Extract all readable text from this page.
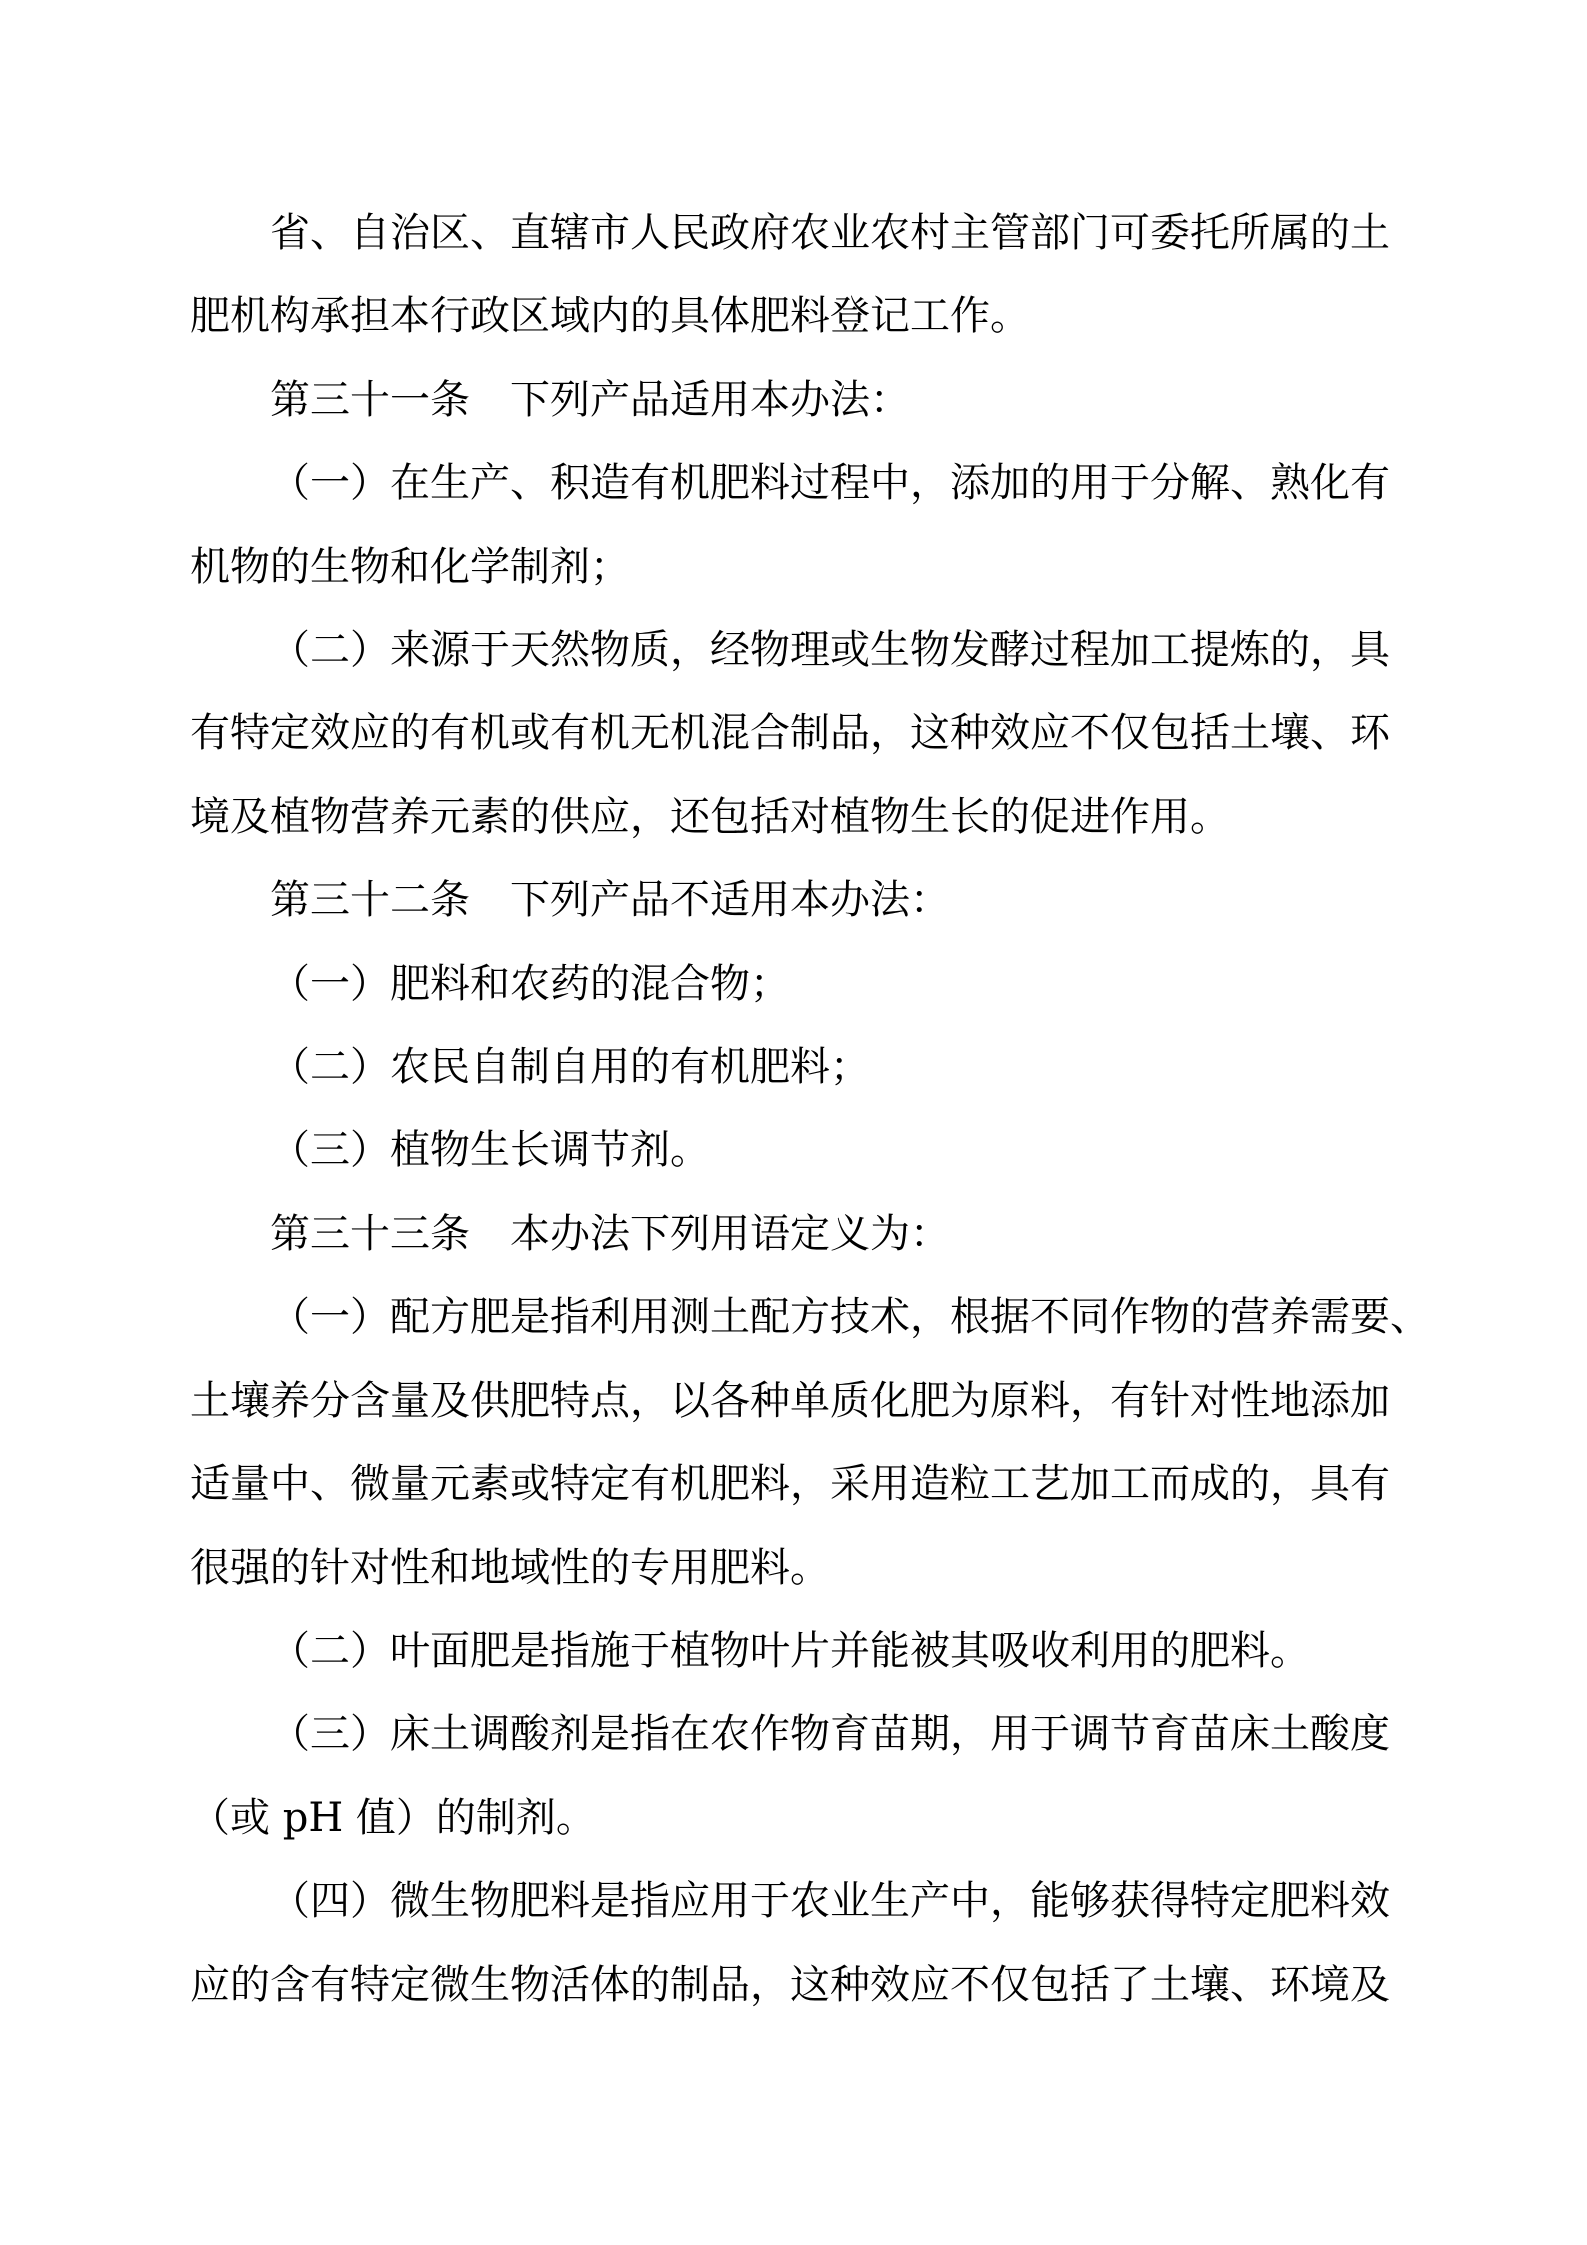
省、自治区、直辖市人民政府农业农村主管部门可委托所属的土
肥机构承担本行政区域内的具体肥料登记工作。
第三十一条　下列产品适用本办法：
（一）在生产、积造有机肥料过程中，添加的用于分解、熟化有
机物的生物和化学制剂；
（二）来源于天然物质，经物理或生物发酵过程加工提炼的，具
有特定效应的有机或有机无机混合制品，这种效应不仅包括土壤、环
境及植物营养元素的供应，还包括对植物生长的促进作用。
第三十二条　下列产品不适用本办法：
（一）肥料和农药的混合物；
（二）农民自制自用的有机肥料；
（三）植物生长调节剂。
第三十三条　本办法下列用语定义为：
（一）配方肥是指利用测土配方技术，根据不同作物的营养需要、
土壤养分含量及供肥特点，以各种单质化肥为原料，有针对性地添加
适量中、微量元素或特定有机肥料，采用造粒工艺加工而成的，具有
很强的针对性和地域性的专用肥料。
（二）叶面肥是指施于植物叶片并能被其吸收利用的肥料。
（三）床土调酸剂是指在农作物育苗期，用于调节育苗床土酸度
（或 pH 值）的制剂。
（四）微生物肥料是指应用于农业生产中，能够获得特定肥料效
应的含有特定微生物活体的制品，这种效应不仅包括了土壤、环境及
